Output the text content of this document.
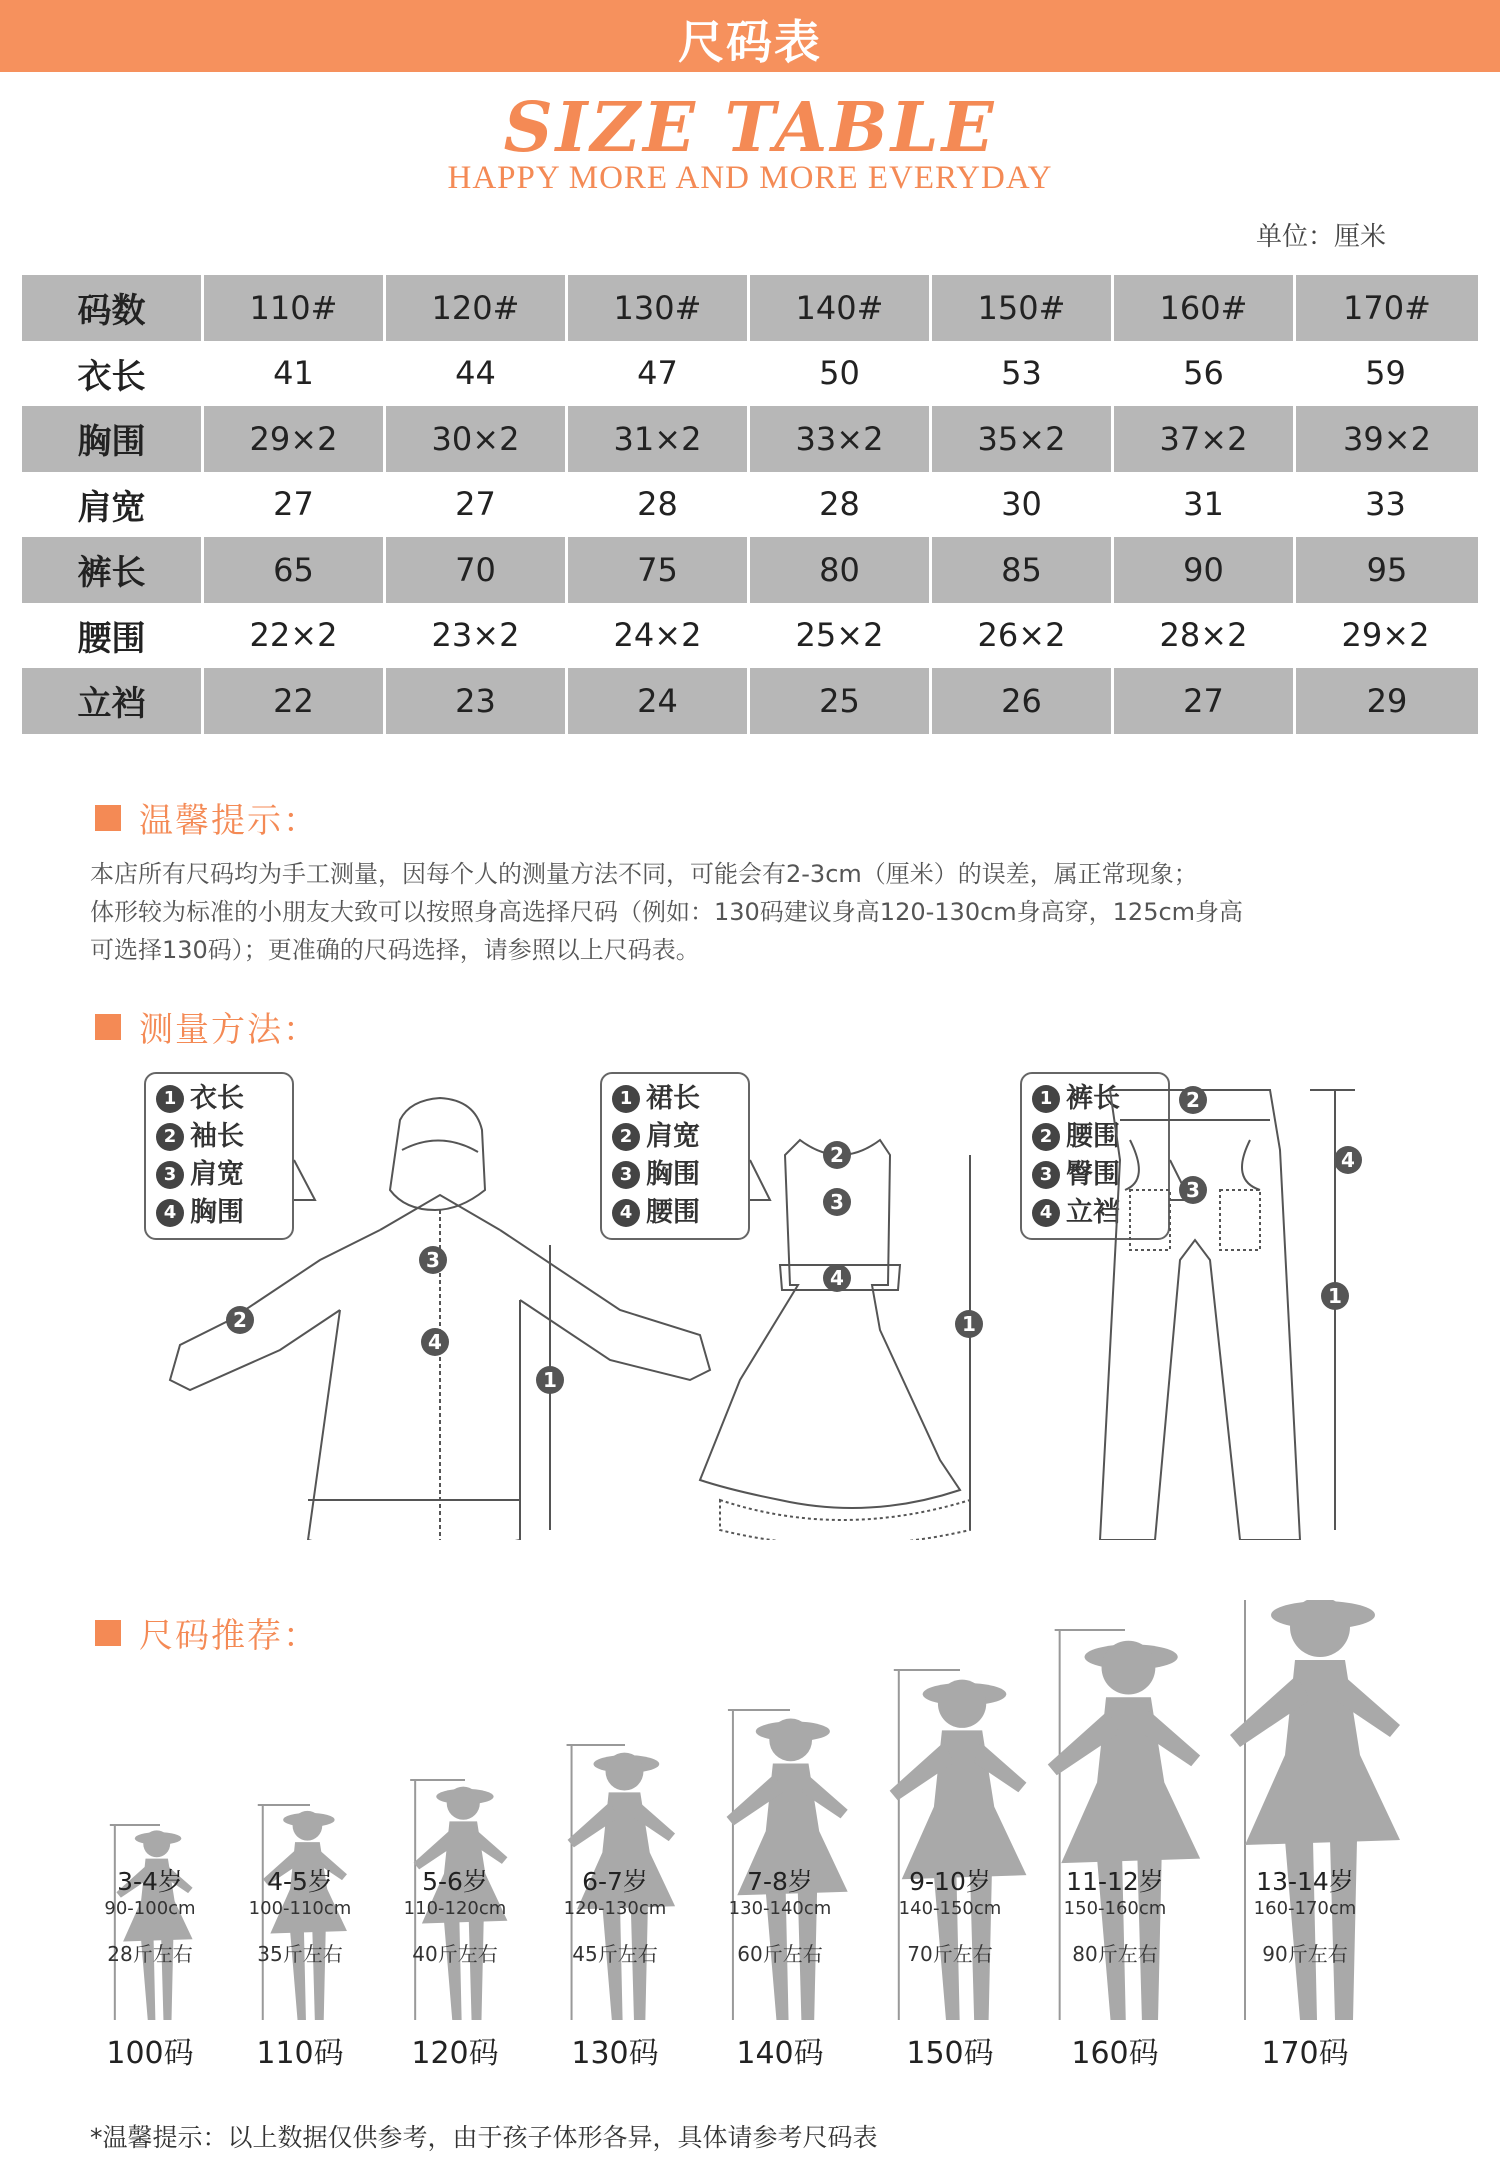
尺码表
SIZE TABLE
HAPPY MORE AND MORE EVERYDAY
单位：厘米
码数	110#	120#	130#	140#	150#	160#	170#
衣长	41	44	47	50	53	56	59
胸围	29×2	30×2	31×2	33×2	35×2	37×2	39×2
肩宽	27	27	28	28	30	31	33
裤长	65	70	75	80	85	90	95
腰围	22×2	23×2	24×2	25×2	26×2	28×2	29×2
立裆	22	23	24	25	26	27	29
温馨提示：

本店所有尺码均为手工测量，因每个人的测量方法不同，可能会有2-3cm（厘米）的误差，属正常现象；

体形较为标准的小朋友大致可以按照身高选择尺码（例如：130码建议身高120-130cm身高穿，125cm身高

可选择130码）；更准确的尺码选择，请参照以上尺码表。

测量方法：
1 衣长
2 袖长
3 肩宽
4 胸围
1 裙长
2 肩宽
3 胸围
4 腰围
1 裤长
2 腰围
3 臀围
4 立裆
1
2
3
4
1
2
3
4
1
2
3
4
尺码推荐：
3-4岁
90-100cm
28斤左右
100码
4-5岁
100-110cm
35斤左右
110码
5-6岁
110-120cm
40斤左右
120码
6-7岁
120-130cm
45斤左右
130码
7-8岁
130-140cm
60斤左右
140码
9-10岁
140-150cm
70斤左右
150码
11-12岁
150-160cm
80斤左右
160码
13-14岁
160-170cm
90斤左右
170码
*温馨提示：以上数据仅供参考，由于孩子体形各异，具体请参考尺码表
